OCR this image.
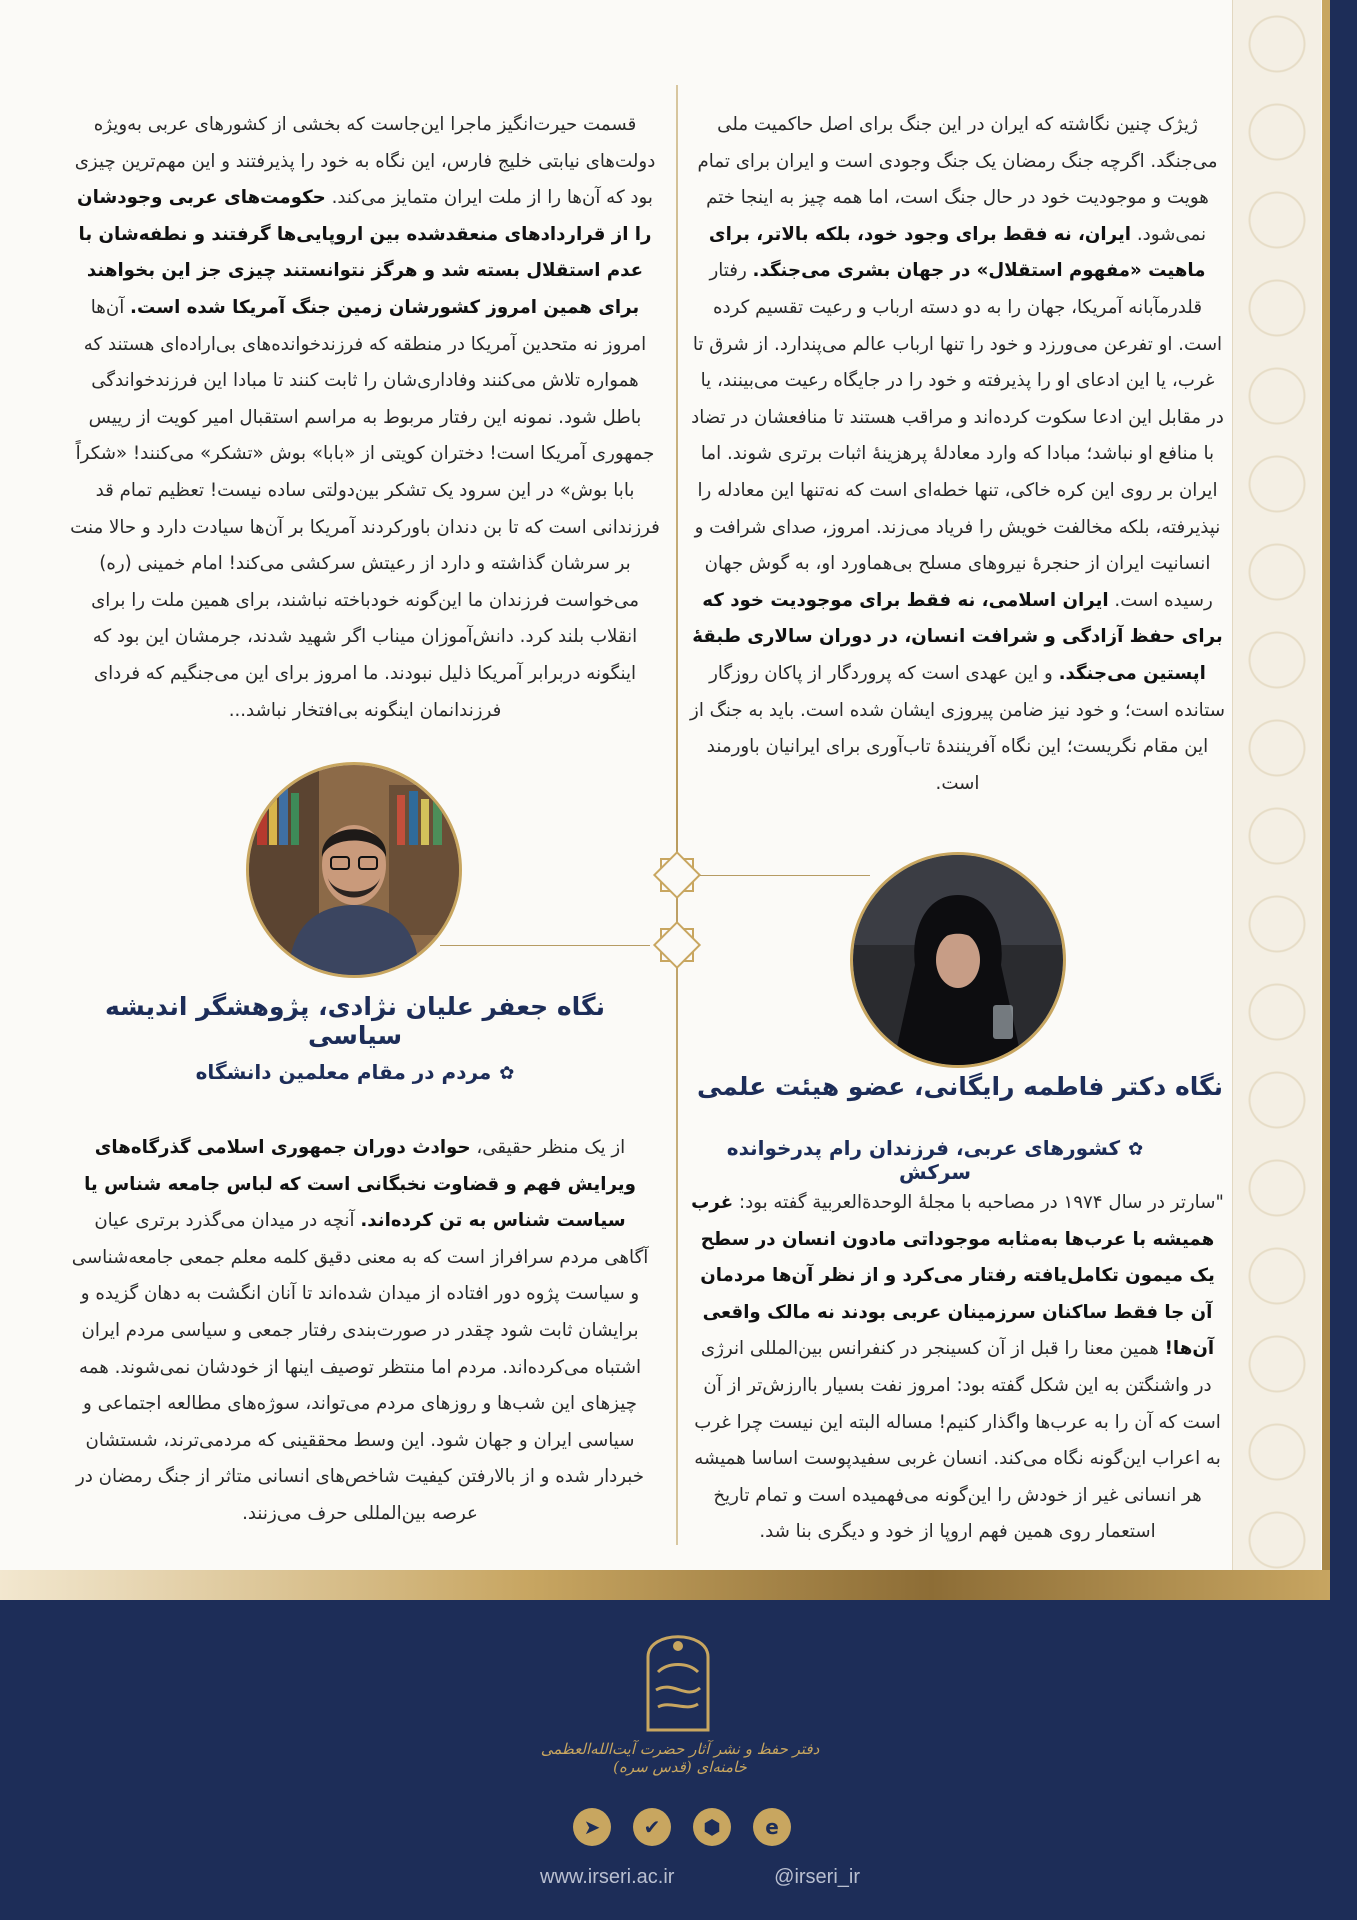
ژیژک چنین نگاشته که ایران در این جنگ برای اصل حاکمیت ملی می‌جنگد. اگرچه جنگ رمضان یک جنگ وجودی است و ایران برای تمام هویت و موجودیت خود در حال جنگ است، اما همه چیز به اینجا ختم نمی‌شود. ایران، نه فقط برای وجود خود، بلکه بالاتر، برای ماهیت «مفهوم استقلال» در جهان بشری می‌جنگد. رفتار قلدرمآبانه آمریکا، جهان را به دو دسته ارباب و رعیت تقسیم کرده است. او تفرعن می‌ورزد و خود را تنها ارباب عالم می‌پندارد. از شرق تا غرب، یا این ادعای او را پذیرفته و خود را در جایگاه رعیت می‌بینند، یا در مقابل این ادعا سکوت کرده‌اند و مراقب هستند تا منافعشان در تضاد با منافع او نباشد؛ مبادا که وارد معادلهٔ پرهزینهٔ اثبات برتری شوند. اما ایران بر روی این کره خاکی، تنها خطه‌ای است که نه‌تنها این معادله را نپذیرفته، بلکه مخالفت خویش را فریاد می‌زند. امروز، صدای شرافت و انسانیت ایران از حنجرهٔ نیروهای مسلح بی‌هماورد او، به گوش جهان رسیده است. ایران اسلامی، نه فقط برای موجودیت خود که برای حفظ آزادگی و شرافت انسان، در دوران سالاری طبقهٔ اپستین می‌جنگد. و این عهدی است که پروردگار از پاکان روزگار ستانده است؛ و خود نیز ضامن پیروزی ایشان شده است. باید به جنگ از این مقام نگریست؛ این نگاه آفرینندهٔ تاب‌آوری برای ایرانیان باورمند است.

نگاه دکتر فاطمه رایگانی، عضو هیئت علمی
✿کشورهای عربی، فرزندان رام پدرخوانده سرکش

"سارتر در سال ۱۹۷۴ در مصاحبه با مجلهٔ الوحدة‌العربیة گفته بود: غرب همیشه با عرب‌ها به‌مثابه موجوداتی مادون انسان در سطح یک میمون تکامل‌یافته رفتار می‌کرد و از نظر آن‌ها مردمان آن جا فقط ساکنان سرزمینان عربی بودند نه مالک واقعی آن‌ها! همین معنا را قبل از آن کسینجر در کنفرانس بین‌المللی انرژی در واشنگتن به این شکل گفته بود: امروز نفت بسیار باارزش‌تر از آن است که آن را به عرب‌ها واگذار کنیم! مساله البته این نیست چرا غرب به اعراب این‌گونه نگاه می‌کند. انسان غربی سفیدپوست اساسا همیشه هر انسانی غیر از خودش را این‌گونه می‌فهمیده است و تمام تاریخ استعمار روی همین فهم اروپا از خود و دیگری بنا شد.

قسمت حیرت‌انگیز ماجرا این‌جاست که بخشی از کشورهای عربی به‌ویژه دولت‌های نیابتی خلیج فارس، این نگاه به خود را پذیرفتند و این مهم‌ترین چیزی بود که آن‌ها را از ملت ایران متمایز می‌کند. حکومت‌های عربی وجودشان را از قراردادهای منعقدشده بین اروپایی‌ها گرفتند و نطفه‌شان با عدم استقلال بسته شد و هرگز نتوانستند چیزی جز این بخواهند برای همین امروز کشورشان زمین جنگ آمریکا شده است. آن‌ها امروز نه متحدین آمریکا در منطقه که فرزندخوانده‌های بی‌اراده‌ای هستند که همواره تلاش می‌کنند وفاداری‌شان را ثابت کنند تا مبادا این فرزندخواندگی باطل شود. نمونه این رفتار مربوط به مراسم استقبال امیر کویت از رییس جمهوری آمریکا است! دختران کویتی از «بابا» بوش «تشکر» می‌کنند! «شکراً بابا بوش» در این سرود یک تشکر بین‌دولتی ساده نیست! تعظیم تمام قد فرزندانی است که تا بن دندان باورکردند آمریکا بر آن‌ها سیادت دارد و حالا منت بر سرشان گذاشته و دارد از رعیتش سرکشی می‌کند! امام خمینی (ره) می‌خواست فرزندان ما این‌گونه خودباخته نباشند، برای همین ملت را برای انقلاب بلند کرد. دانش‌آموزان میناب اگر شهید شدند، جرمشان این بود که اینگونه دربرابر آمریکا ذلیل نبودند. ما امروز برای این می‌جنگیم که فردای فرزندانمان اینگونه بی‌افتخار نباشد...

نگاه جعفر علیان نژادی، پژوهشگر اندیشه سیاسی
✿مردم در مقام معلمین دانشگاه

از یک منظر حقیقی، حوادث دوران جمهوری اسلامی گذرگاه‌های ویرایش فهم و قضاوت نخبگانی است که لباس جامعه شناس یا سیاست شناس به تن کرده‌اند. آنچه در میدان می‌گذرد برتری عیان آگاهی مردم سرافراز است که به معنی دقیق کلمه معلم جمعی جامعه‌شناسی و سیاست پژوه دور افتاده از میدان شده‌اند تا آنان انگشت به دهان گزیده و برایشان ثابت شود چقدر در صورت‌بندی رفتار جمعی و سیاسی مردم ایران اشتباه می‌کرده‌اند. مردم اما منتظر توصیف اینها از خودشان نمی‌شوند. همه چیزهای این شب‌ها و روزهای مردم می‌تواند، سوژه‌های مطالعه اجتماعی و سیاسی ایران و جهان شود. این وسط محققینی که مردمی‌ترند، شستشان خبردار شده و از بالارفتن کیفیت شاخص‌های انسانی متاثر از جنگ رمضان در عرصه بین‌المللی حرف می‌زنند.

دفتر حفظ و نشر آثار حضرت آیت‌الله‌العظمی خامنه‌ای (قدس سره)
➤	✔	⬢	e
www.irseri.ac.ir	@irseri_ir
